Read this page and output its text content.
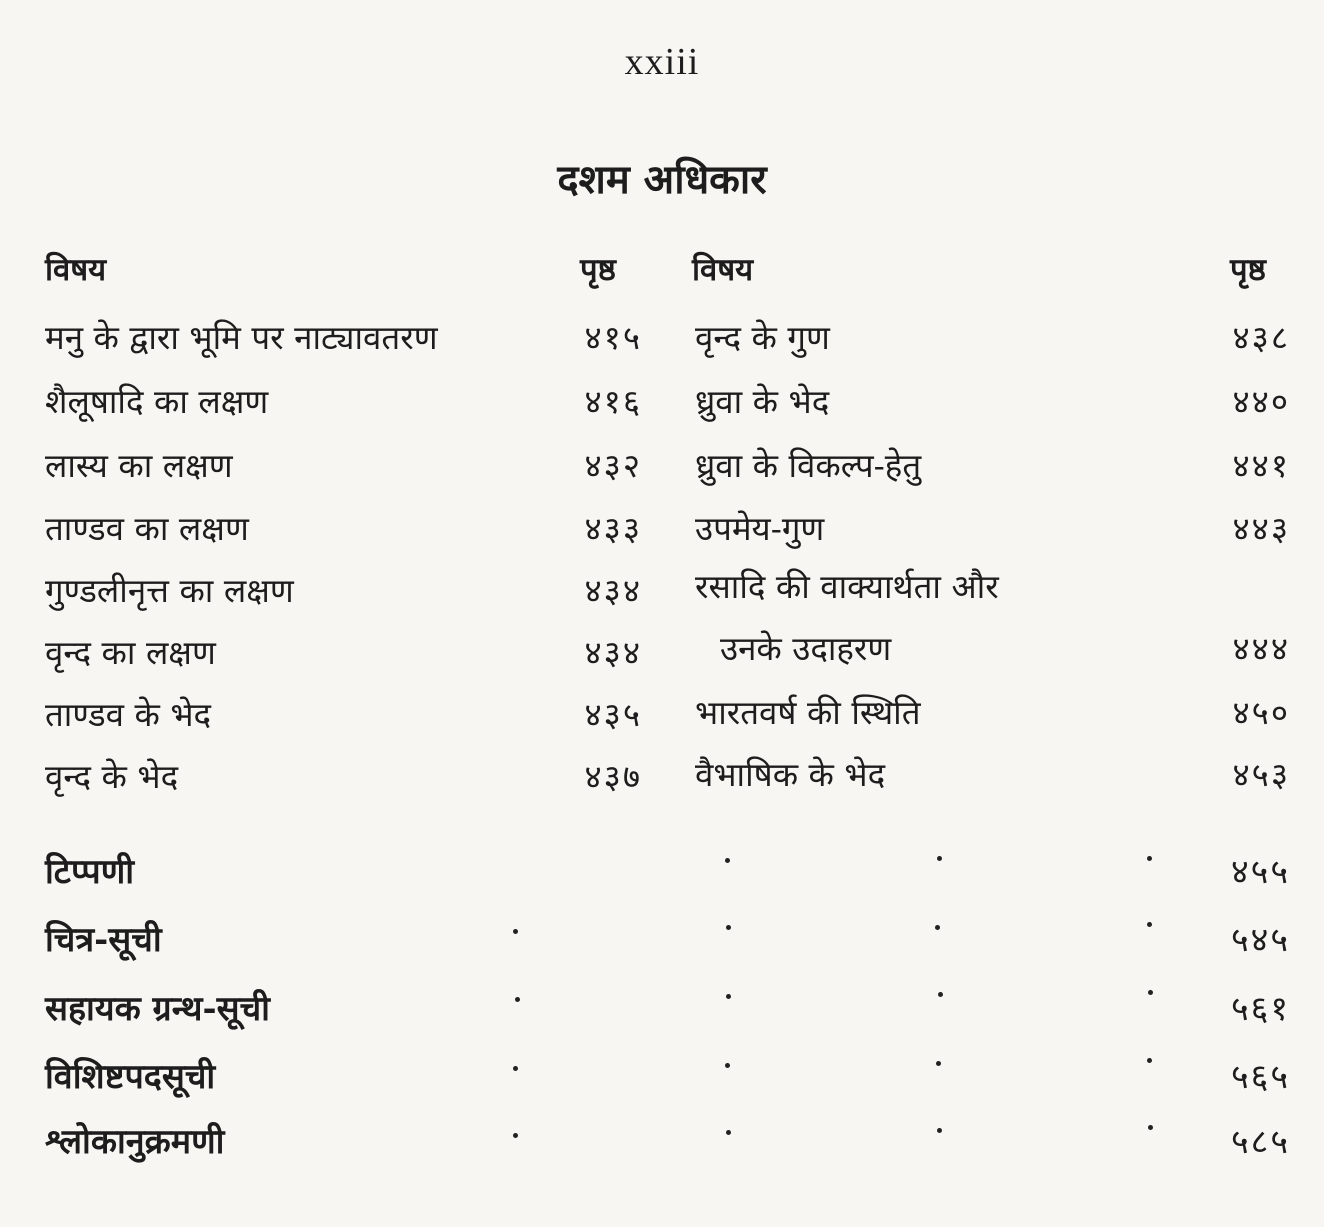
xxiii
दशम अधिकार
विषय	पृष्ठ विषय	पृष्ठ
मनु के द्वारा भूमि पर नाट्यावतरण	४१५
शैलूषादि का लक्षण	४१६
लास्य का लक्षण	४३२
ताण्डव का लक्षण	४३३
गुण्डलीनृत्त का लक्षण	४३४
वृन्द का लक्षण	४३४
ताण्डव के भेद	४३५
वृन्द के भेद	४३७
वृन्द के गुण	४३८
ध्रुवा के भेद	४४०
ध्रुवा के विकल्प-हेतु	४४१
उपमेय-गुण	४४३
रसादि की वाक्यार्थता और
उनके उदाहरण	४४४
भारतवर्ष की स्थिति	४५०
वैभाषिक के भेद	४५३
टिप्पणी	४५५
चित्र-सूची	५४५
सहायक ग्रन्थ-सूची	५६१
विशिष्टपदसूची	५६५
श्लोकानुक्रमणी	५८५
